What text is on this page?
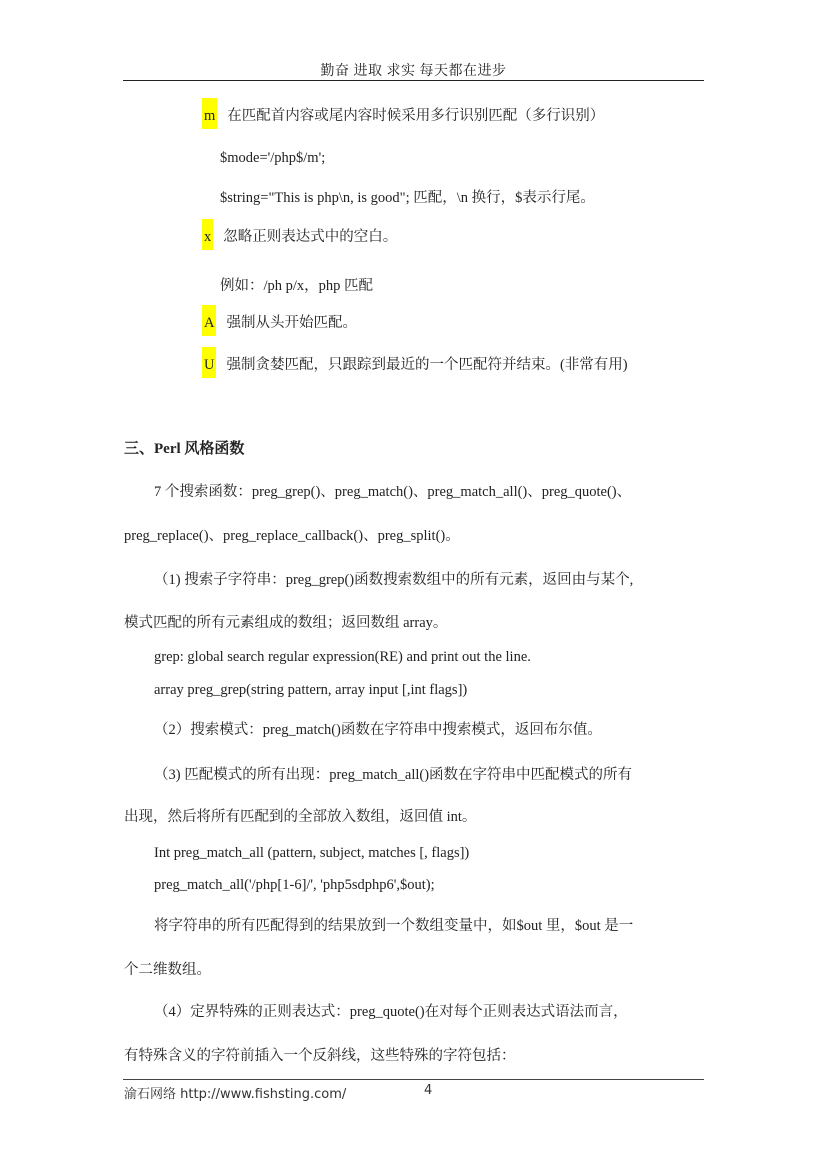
勤奋 进取 求实 每天都在进步
m 在匹配首内容或尾内容时候采用多行识别匹配（多行识别）
$mode='/php$/m';
$string="This is php\n, is good"; 匹配，\n 换行，$表示行尾。
x 忽略正则表达式中的空白。
例如：/ph p/x，php 匹配
A 强制从头开始匹配。
U 强制贪婪匹配，只跟踪到最近的一个匹配符并结束。(非常有用)
三、Perl 风格函数
7 个搜索函数：preg_grep()、preg_match()、preg_match_all()、preg_quote()、
preg_replace()、preg_replace_callback()、preg_split()。
（1) 搜索子字符串：preg_grep()函数搜索数组中的所有元素，返回由与某个,
模式匹配的所有元素组成的数组；返回数组 array。
grep: global search regular expression(RE) and print out the line.
array preg_grep(string pattern, array input [,int flags])
（2）搜索模式：preg_match()函数在字符串中搜索模式，返回布尔值。
（3) 匹配模式的所有出现：preg_match_all()函数在字符串中匹配模式的所有
出现，然后将所有匹配到的全部放入数组，返回值 int。
Int preg_match_all (pattern, subject, matches [, flags])
preg_match_all('/php[1-6]/', 'php5sdphp6',$out);
将字符串的所有匹配得到的结果放到一个数组变量中，如$out 里，$out 是一
个二维数组。
（4）定界特殊的正则表达式：preg_quote()在对每个正则表达式语法而言，
有特殊含义的字符前插入一个反斜线，这些特殊的字符包括：
渝石网络 http://www.fishsting.com/	4
